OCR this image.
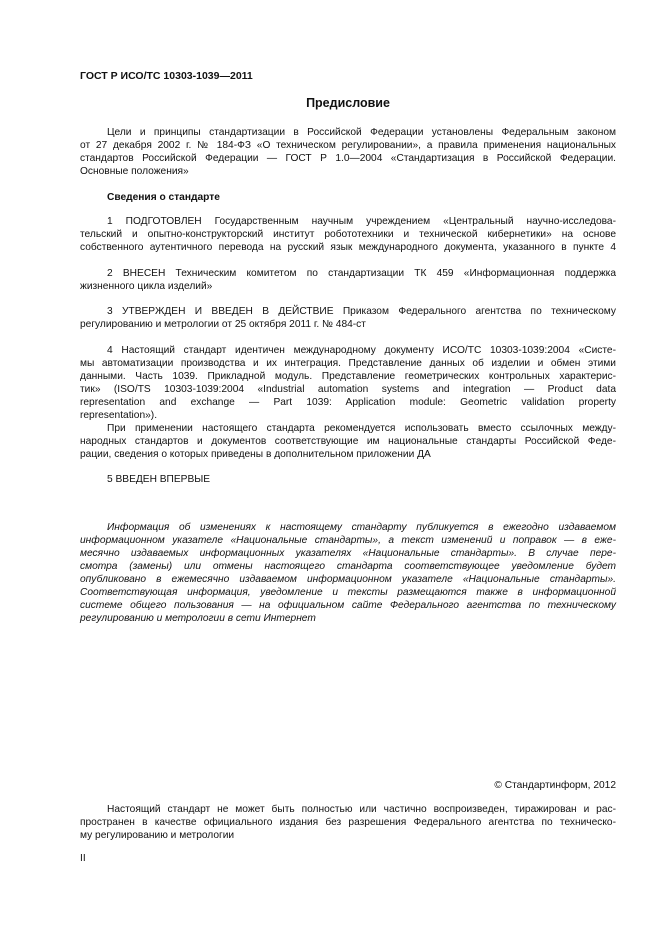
ГОСТ Р ИСО/ТС 10303-1039—2011
Предисловие
Цели и принципы стандартизации в Российской Федерации установлены Федеральным законом
от 27 декабря 2002 г. № 184-ФЗ «О техническом регулировании», а правила применения национальных
стандартов Российской Федерации — ГОСТ Р 1.0—2004 «Стандартизация в Российской Федерации.
Основные положения»
Сведения о стандарте
1 ПОДГОТОВЛЕН Государственным научным учреждением «Центральный научно-исследова-
тельский и опытно-конструкторский институт робототехники и технической кибернетики» на основе
собственного аутентичного перевода на русский язык международного документа, указанного в пункте 4
2 ВНЕСЕН Техническим комитетом по стандартизации ТК 459 «Информационная поддержка
жизненного цикла изделий»
3 УТВЕРЖДЕН И ВВЕДЕН В ДЕЙСТВИЕ Приказом Федерального агентства по техническому
регулированию и метрологии от 25 октября 2011 г. № 484-ст
4 Настоящий стандарт идентичен международному документу ИСО/ТС 10303-1039:2004 «Систе-
мы автоматизации производства и их интеграция. Представление данных об изделии и обмен этими
данными. Часть 1039. Прикладной модуль. Представление геометрических контрольных характерис-
тик» (ISO/TS 10303-1039:2004 «Industrial automation systems and integration — Product data
representation and exchange — Part 1039: Application module: Geometric validation property
representation»).
При применении настоящего стандарта рекомендуется использовать вместо ссылочных между-
народных стандартов и документов соответствующие им национальные стандарты Российской Феде-
рации, сведения о которых приведены в дополнительном приложении ДА
5 ВВЕДЕН ВПЕРВЫЕ
Информация об изменениях к настоящему стандарту публикуется в ежегодно издаваемом
информационном указателе «Национальные стандарты», а текст изменений и поправок — в еже-
месячно издаваемых информационных указателях «Национальные стандарты». В случае пере-
смотра (замены) или отмены настоящего стандарта соответствующее уведомление будет
опубликовано в ежемесячно издаваемом информационном указателе «Национальные стандарты».
Соответствующая информация, уведомление и тексты размещаются также в информационной
системе общего пользования — на официальном сайте Федерального агентства по техническому
регулированию и метрологии в сети Интернет
© Стандартинформ, 2012
Настоящий стандарт не может быть полностью или частично воспроизведен, тиражирован и рас-
пространен в качестве официального издания без разрешения Федерального агентства по техническо-
му регулированию и метрологии
II
